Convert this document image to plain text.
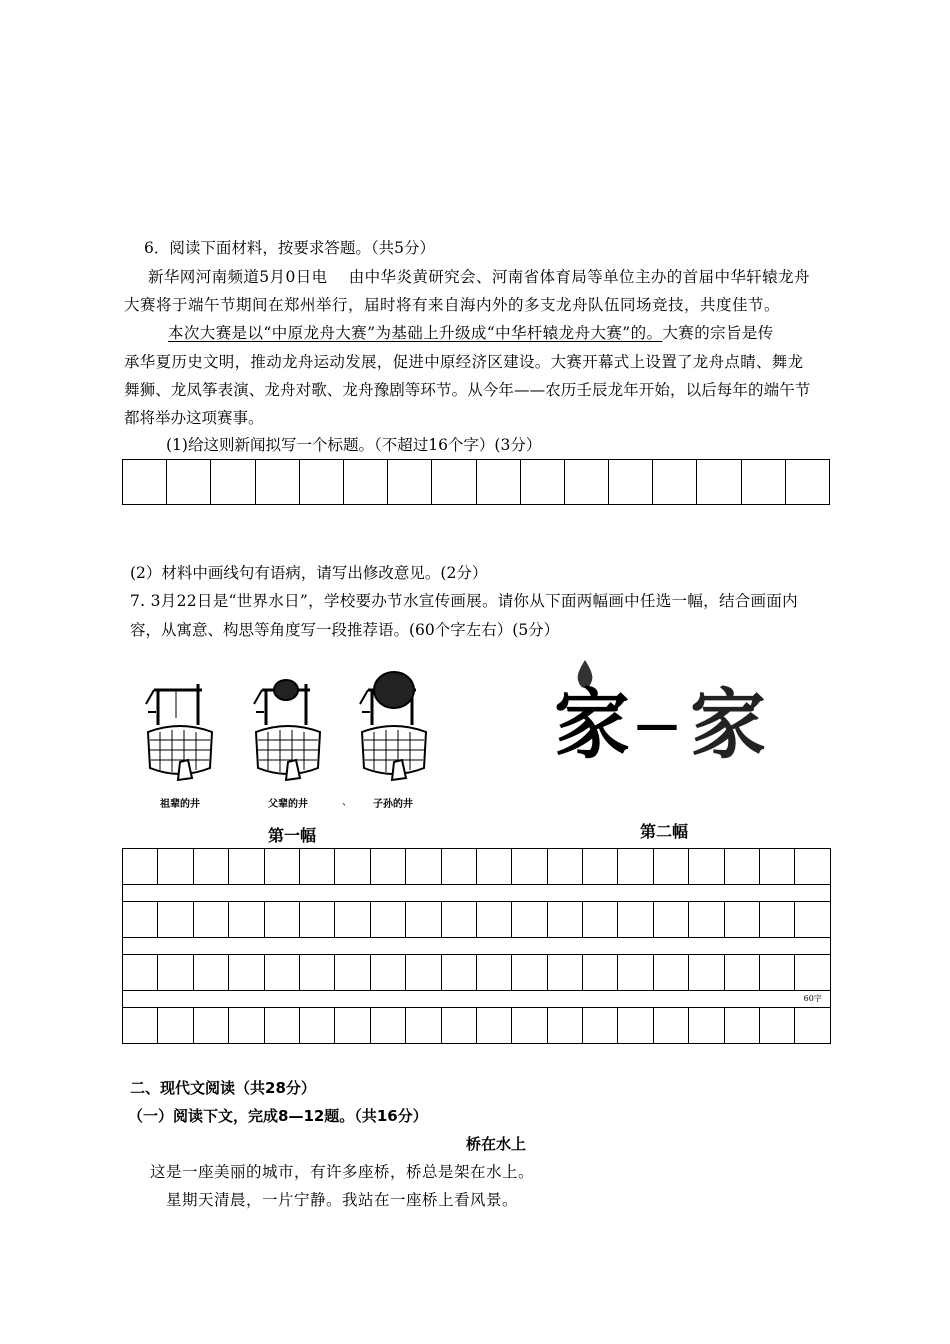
6．阅读下面材料，按要求答题。（共5分）
新华网河南频道5月0日电　 由中华炎黄研究会、河南省体育局等单位主办的首届中华轩辕龙舟
大赛将于端午节期间在郑州举行，届时将有来自海内外的多支龙舟队伍同场竞技，共度佳节。
本次大赛是以“中原龙舟大赛”为基础上升级成“中华杆辕龙舟大赛”的。大赛的宗旨是传
承华夏历史文明，推动龙舟运动发展，促进中原经济区建设。大赛开幕式上设置了龙舟点睛、舞龙
舞狮、龙凤筝表演、龙舟对歌、龙舟豫剧等环节。从今年——农历壬辰龙年开始，以后每年的端午节
都将举办这项赛事。
(1)给这则新闻拟写一个标题。（不超过16个字）(3分）

(2）材料中画线句有语病，请写出修改意见。(2分）
7. 3月22日是“世界水日”，学校要办节水宣传画展。请你从下面两幅画中任选一幅，结合画面内
容，从寓意、构思等角度写一段推荐语。(60个字左右）(5分）
祖辈的井	父辈的井	、 子孙的井
家 — 家
第一幅	第二幅

60字																			

二、现代文阅读（共28分）
（一）阅读下文，完成8—12题。（共16分）
桥在水上
这是一座美丽的城市，有许多座桥，桥总是架在水上。
星期天清晨，一片宁静。我站在一座桥上看风景。
